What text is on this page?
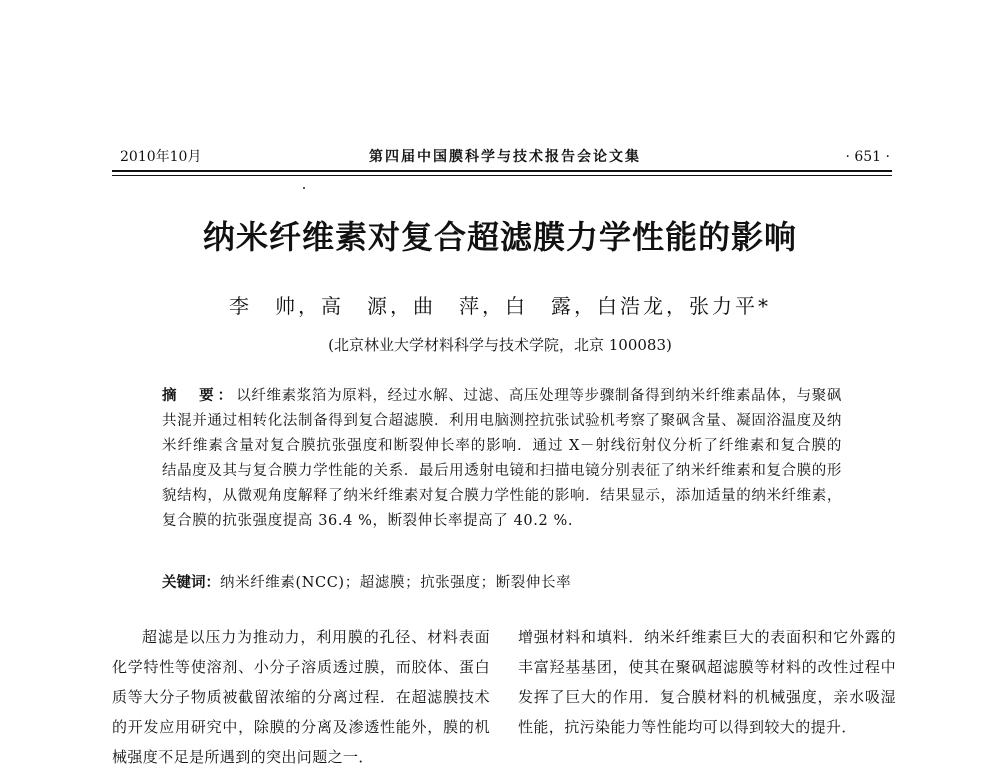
2010年10月	第四届中国膜科学与技术报告会论文集	· 651 ·
纳米纤维素对复合超滤膜力学性能的影响
李　帅，高　源，曲　萍，白　露，白浩龙，张力平*
(北京林业大学材料科学与技术学院，北京 100083)
摘　要：以纤维素浆箔为原料，经过水解、过滤、高压处理等步骤制备得到纳米纤维素晶体，与聚砜共混并通过相转化法制备得到复合超滤膜．利用电脑测控抗张试验机考察了聚砜含量、凝固浴温度及纳米纤维素含量对复合膜抗张强度和断裂伸长率的影响．通过 X－射线衍射仪分析了纤维素和复合膜的结晶度及其与复合膜力学性能的关系．最后用透射电镜和扫描电镜分别表征了纳米纤维素和复合膜的形貌结构，从微观角度解释了纳米纤维素对复合膜力学性能的影响．结果显示，添加适量的纳米纤维素，复合膜的抗张强度提高 36.4 %，断裂伸长率提高了 40.2 %.
关键词：纳米纤维素(NCC)；超滤膜；抗张强度；断裂伸长率
超滤是以压力为推动力，利用膜的孔径、材料表面化学特性等使溶剂、小分子溶质透过膜，而胶体、蛋白质等大分子物质被截留浓缩的分离过程．在超滤膜技术的开发应用研究中，除膜的分离及渗透性能外，膜的机械强度不足是所遇到的突出问题之一．
增强材料和填料．纳米纤维素巨大的表面积和它外露的丰富羟基基团，使其在聚砜超滤膜等材料的改性过程中发挥了巨大的作用．复合膜材料的机械强度，亲水吸湿性能，抗污染能力等性能均可以得到较大的提升．
